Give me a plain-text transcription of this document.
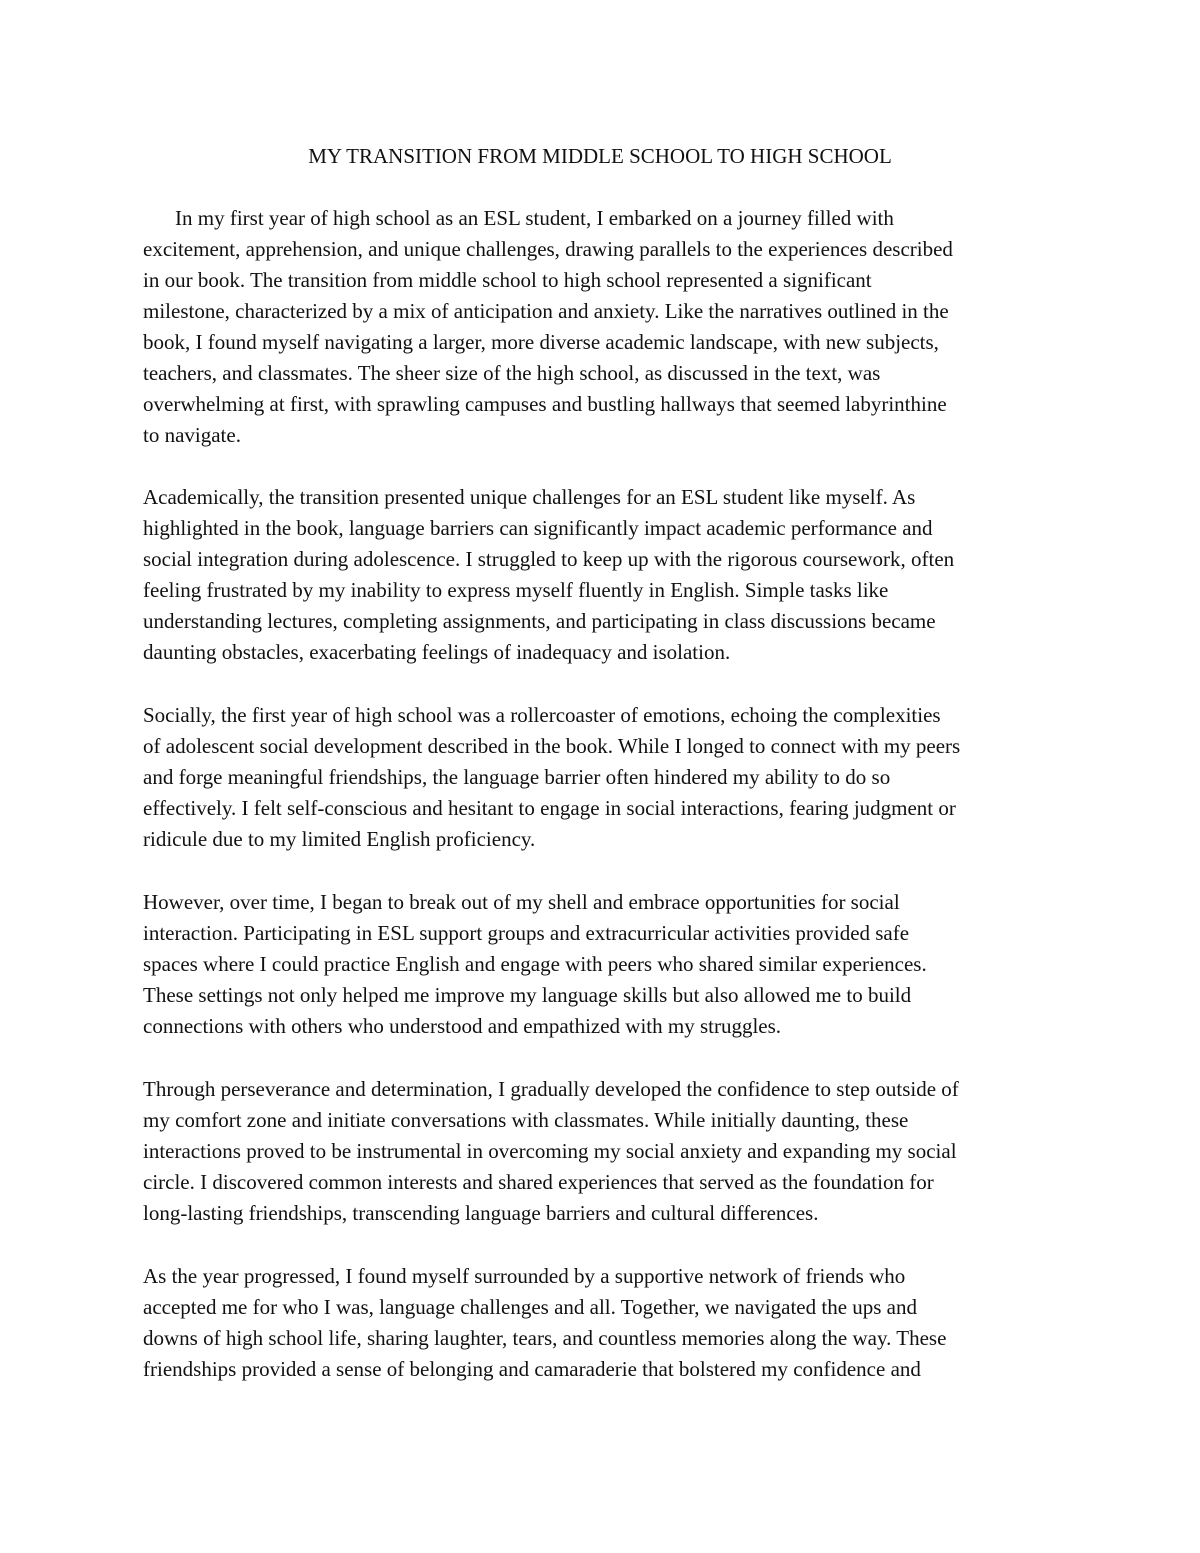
MY TRANSITION FROM MIDDLE SCHOOL TO HIGH SCHOOL
In my first year of high school as an ESL student, I embarked on a journey filled with
excitement, apprehension, and unique challenges, drawing parallels to the experiences described
in our book. The transition from middle school to high school represented a significant
milestone, characterized by a mix of anticipation and anxiety. Like the narratives outlined in the
book, I found myself navigating a larger, more diverse academic landscape, with new subjects,
teachers, and classmates. The sheer size of the high school, as discussed in the text, was
overwhelming at first, with sprawling campuses and bustling hallways that seemed labyrinthine
to navigate.
Academically, the transition presented unique challenges for an ESL student like myself. As
highlighted in the book, language barriers can significantly impact academic performance and
social integration during adolescence. I struggled to keep up with the rigorous coursework, often
feeling frustrated by my inability to express myself fluently in English. Simple tasks like
understanding lectures, completing assignments, and participating in class discussions became
daunting obstacles, exacerbating feelings of inadequacy and isolation.
Socially, the first year of high school was a rollercoaster of emotions, echoing the complexities
of adolescent social development described in the book. While I longed to connect with my peers
and forge meaningful friendships, the language barrier often hindered my ability to do so
effectively. I felt self-conscious and hesitant to engage in social interactions, fearing judgment or
ridicule due to my limited English proficiency.
However, over time, I began to break out of my shell and embrace opportunities for social
interaction. Participating in ESL support groups and extracurricular activities provided safe
spaces where I could practice English and engage with peers who shared similar experiences.
These settings not only helped me improve my language skills but also allowed me to build
connections with others who understood and empathized with my struggles.
Through perseverance and determination, I gradually developed the confidence to step outside of
my comfort zone and initiate conversations with classmates. While initially daunting, these
interactions proved to be instrumental in overcoming my social anxiety and expanding my social
circle. I discovered common interests and shared experiences that served as the foundation for
long-lasting friendships, transcending language barriers and cultural differences.
As the year progressed, I found myself surrounded by a supportive network of friends who
accepted me for who I was, language challenges and all. Together, we navigated the ups and
downs of high school life, sharing laughter, tears, and countless memories along the way. These
friendships provided a sense of belonging and camaraderie that bolstered my confidence and
